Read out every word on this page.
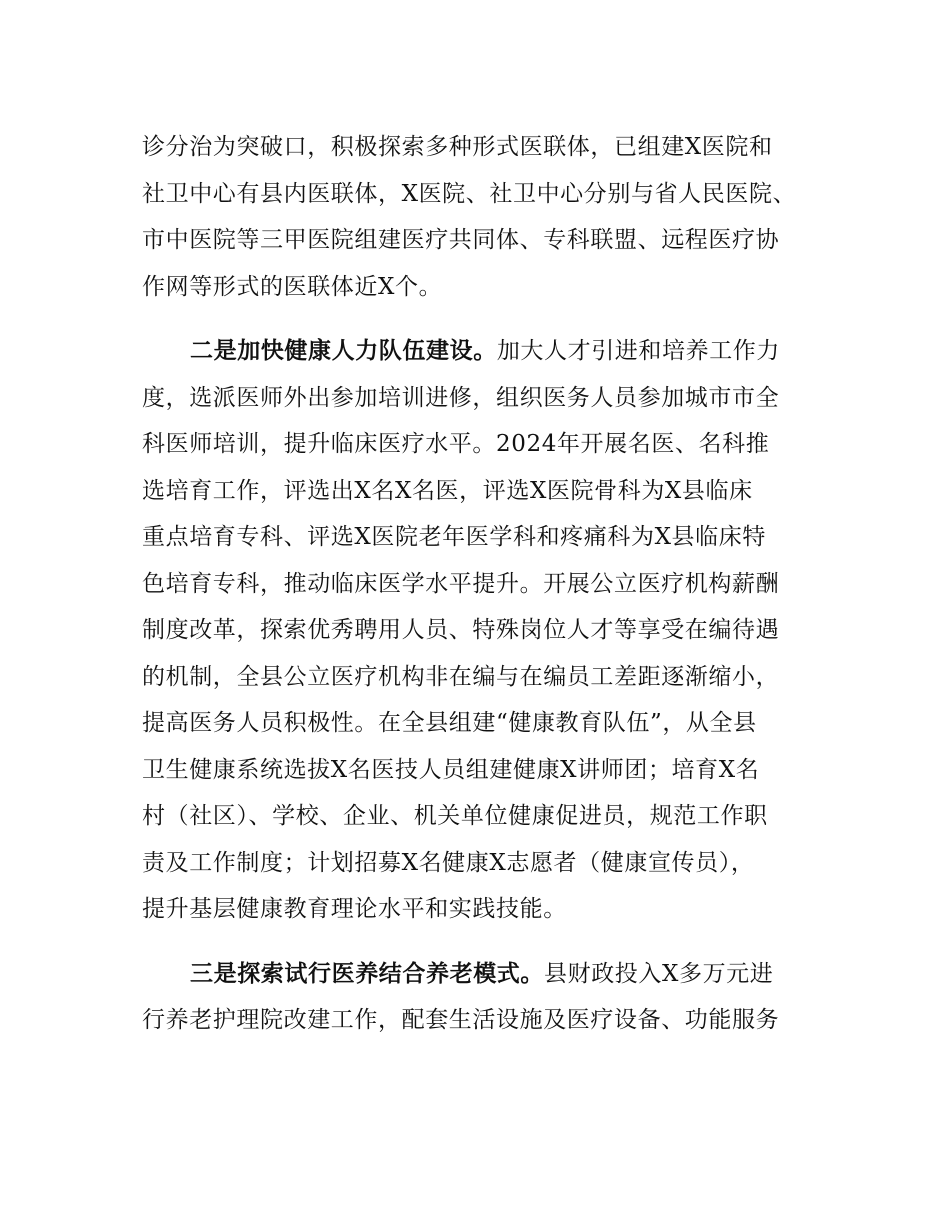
诊分治为突破口，积极探索多种形式医联体，已组建X医院和
社卫中心有县内医联体，X医院、社卫中心分别与省人民医院、
市中医院等三甲医院组建医疗共同体、专科联盟、远程医疗协
作网等形式的医联体近X个。
二是加快健康人力队伍建设。加大人才引进和培养工作力
度，选派医师外出参加培训进修，组织医务人员参加城市市全
科医师培训，提升临床医疗水平。2024年开展名医、名科推
选培育工作，评选出X名X名医，评选X医院骨科为X县临床
重点培育专科、评选X医院老年医学科和疼痛科为X县临床特
色培育专科，推动临床医学水平提升。开展公立医疗机构薪酬
制度改革，探索优秀聘用人员、特殊岗位人才等享受在编待遇
的机制，全县公立医疗机构非在编与在编员工差距逐渐缩小，
提高医务人员积极性。在全县组建“健康教育队伍”，从全县
卫生健康系统选拔X名医技人员组建健康X讲师团；培育X名
村（社区）、学校、企业、机关单位健康促进员，规范工作职
责及工作制度；计划招募X名健康X志愿者（健康宣传员），
提升基层健康教育理论水平和实践技能。
三是探索试行医养结合养老模式。县财政投入X多万元进
行养老护理院改建工作，配套生活设施及医疗设备、功能服务
